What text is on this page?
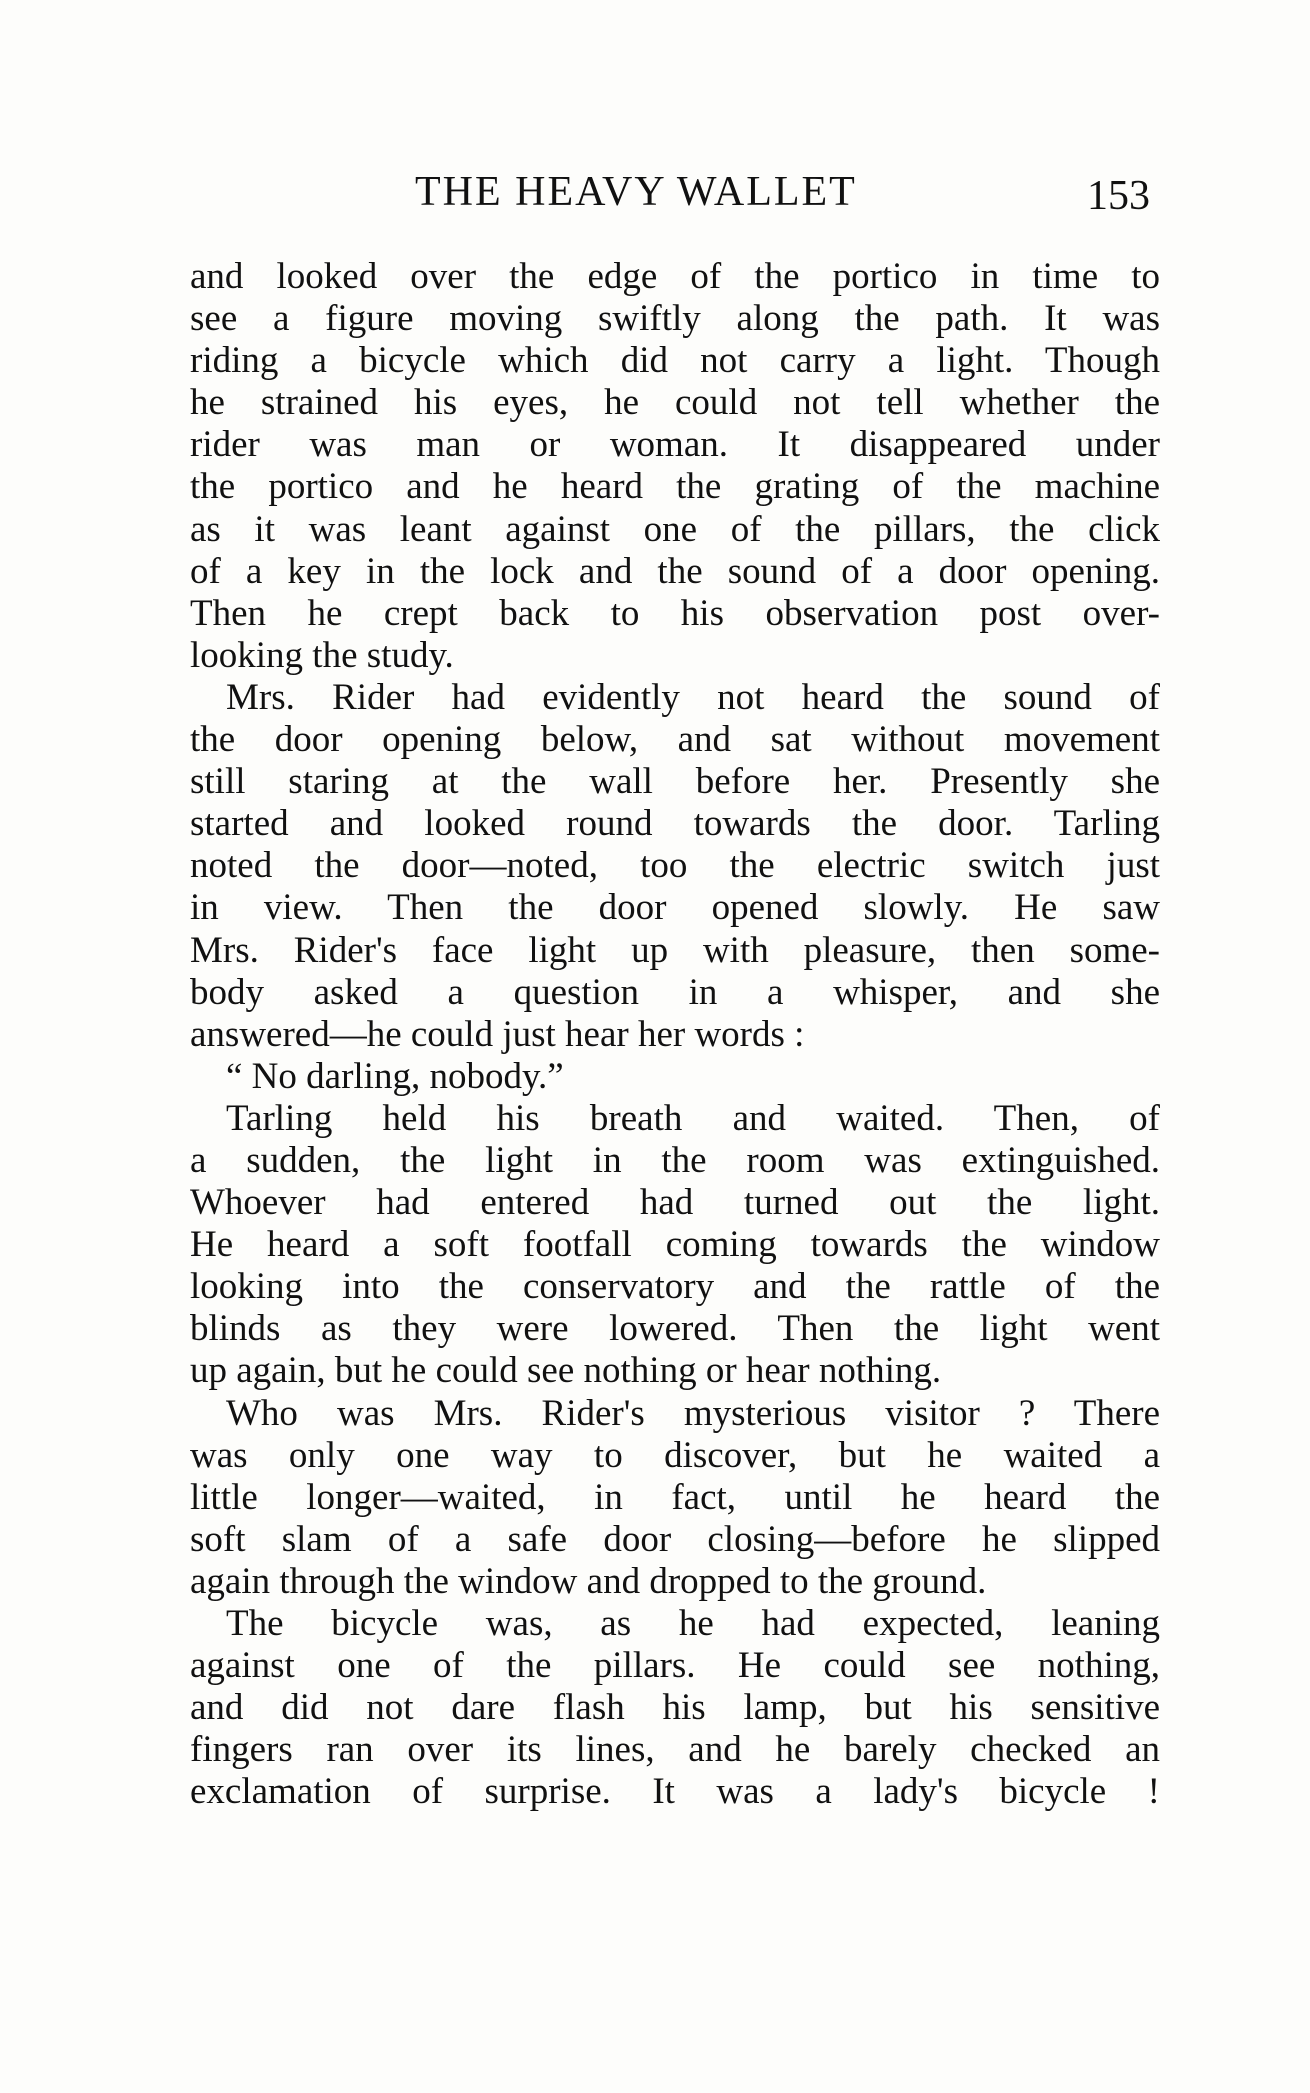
THE HEAVY WALLET	153
and looked over the edge of the portico in time to
see a figure moving swiftly along the path. It was
riding a bicycle which did not carry a light. Though
he strained his eyes, he could not tell whether the
rider was man or woman. It disappeared under
the portico and he heard the grating of the machine
as it was leant against one of the pillars, the click
of a key in the lock and the sound of a door opening.
Then he crept back to his observation post over-
looking the study.
Mrs. Rider had evidently not heard the sound of
the door opening below, and sat without movement
still staring at the wall before her. Presently she
started and looked round towards the door. Tarling
noted the door—noted, too the electric switch just
in view. Then the door opened slowly. He saw
Mrs. Rider's face light up with pleasure, then some-
body asked a question in a whisper, and she
answered—he could just hear her words :
“ No darling, nobody.”
Tarling held his breath and waited. Then, of
a sudden, the light in the room was extinguished.
Whoever had entered had turned out the light.
He heard a soft footfall coming towards the window
looking into the conservatory and the rattle of the
blinds as they were lowered. Then the light went
up again, but he could see nothing or hear nothing.
Who was Mrs. Rider's mysterious visitor ? There
was only one way to discover, but he waited a
little longer—waited, in fact, until he heard the
soft slam of a safe door closing—before he slipped
again through the window and dropped to the ground.
The bicycle was, as he had expected, leaning
against one of the pillars. He could see nothing,
and did not dare flash his lamp, but his sensitive
fingers ran over its lines, and he barely checked an
exclamation of surprise. It was a lady's bicycle !
